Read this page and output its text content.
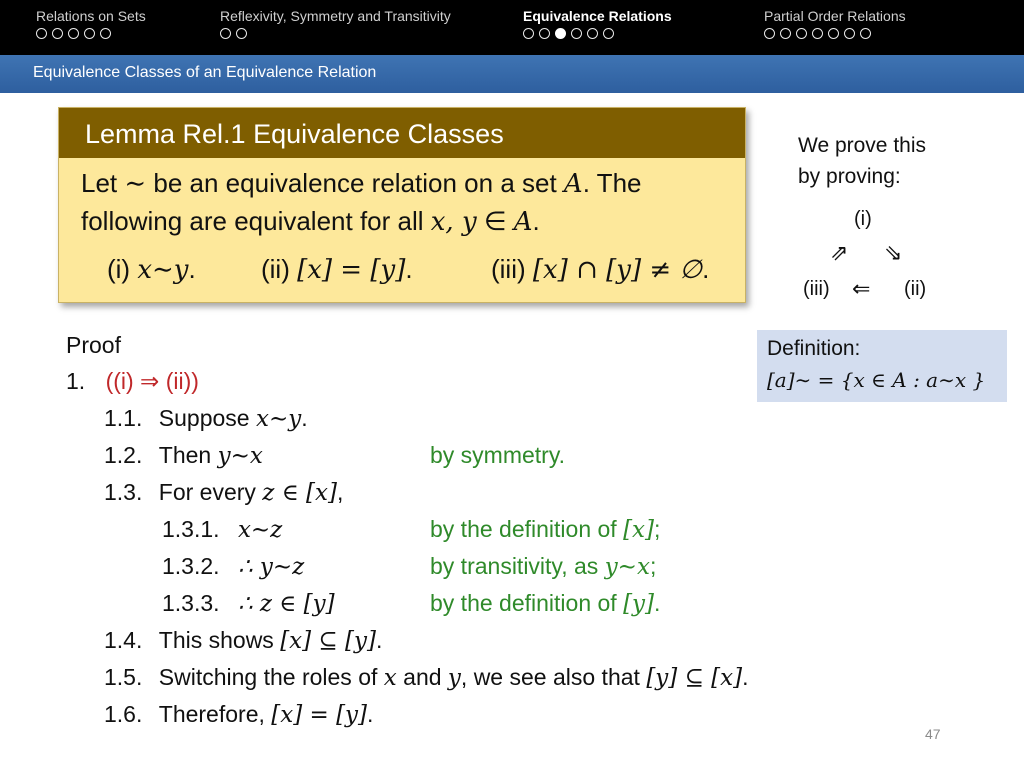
Relations on Sets	Reflexivity, Symmetry and Transitivity	Equivalence Relations	Partial Order Relations
Equivalence Classes of an Equivalence Relation
Lemma Rel.1 Equivalence Classes
Let ∼ be an equivalence relation on a set A. The
following are equivalent for all x, y ∈ A.
(i) x∼y.	(ii) [x] = [y].	(iii) [x] ∩ [y] ≠ ∅.
We prove this
by proving:
(i)
⇗ ⇘
(iii) ⇐ (ii)
Definition:
[a]∼ = {x ∈ A : a∼x }
Proof
1. ((i) ⇒ (ii))
1.1. Suppose x∼y.
1.2. Then y∼x	by symmetry.
1.3. For every z ∈ [x],
1.3.1. x∼z	by the definition of [x];
1.3.2. ∴ y∼z	by transitivity, as y∼x;
1.3.3. ∴ z ∈ [y]	by the definition of [y].
1.4. This shows [x] ⊆ [y].
1.5. Switching the roles of x and y, we see also that [y] ⊆ [x].
1.6. Therefore, [x] = [y].
47
